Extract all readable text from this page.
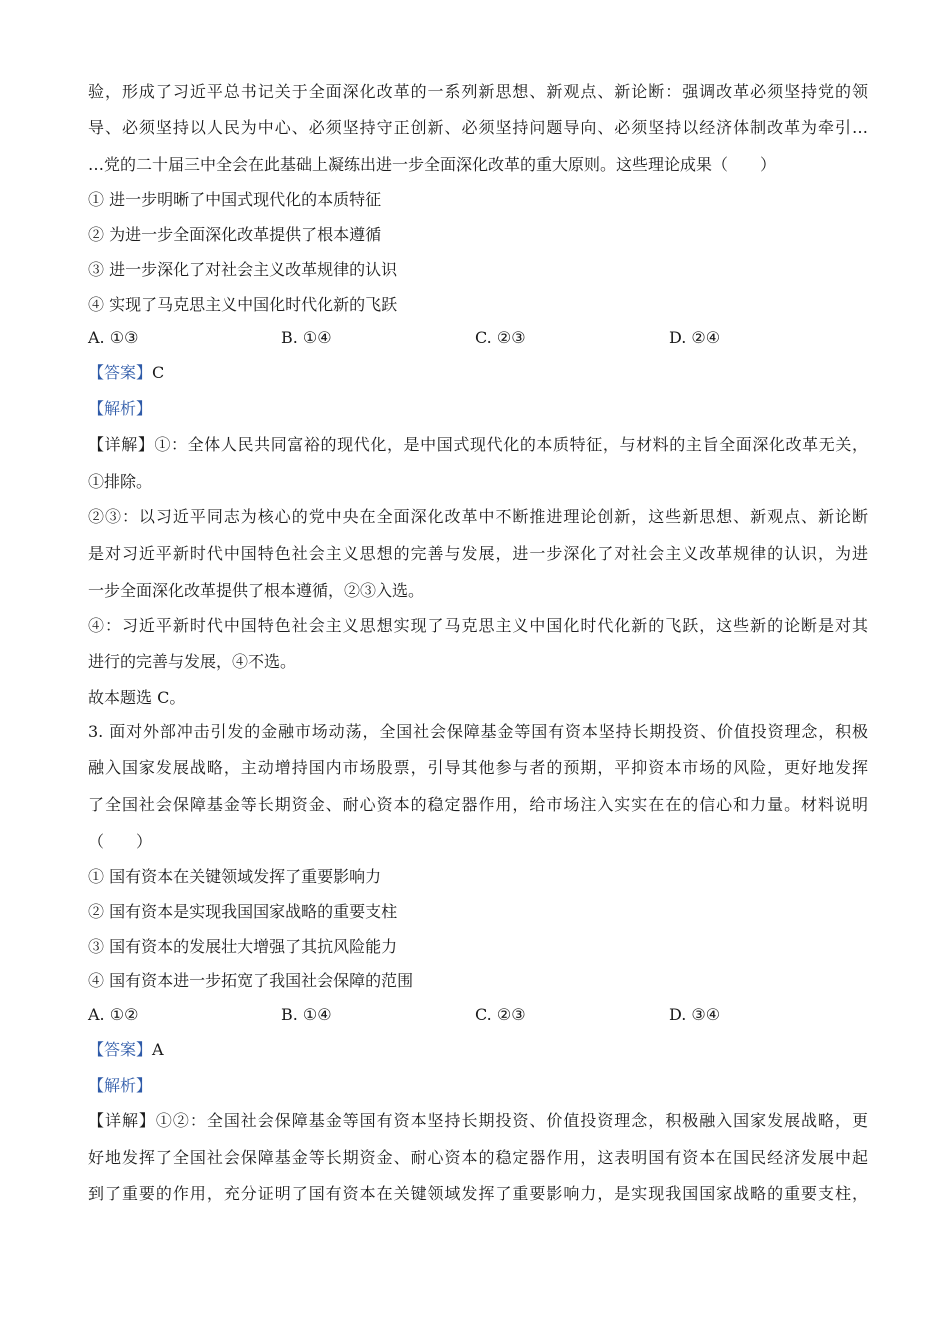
验，形成了习近平总书记关于全面深化改革的一系列新思想、新观点、新论断：强调改革必须坚持党的领
导、必须坚持以人民为中心、必须坚持守正创新、必须坚持问题导向、必须坚持以经济体制改革为牵引…
…党的二十届三中全会在此基础上凝练出进一步全面深化改革的重大原则。这些理论成果（　　）
① 进一步明晰了中国式现代化的本质特征
② 为进一步全面深化改革提供了根本遵循
③ 进一步深化了对社会主义改革规律的认识
④ 实现了马克思主义中国化时代化新的飞跃
A. ①③	B. ①④	C. ②③	D. ②④
【答案】C
【解析】
【详解】①：全体人民共同富裕的现代化，是中国式现代化的本质特征，与材料的主旨全面深化改革无关，
①排除。
②③：以习近平同志为核心的党中央在全面深化改革中不断推进理论创新，这些新思想、新观点、新论断
是对习近平新时代中国特色社会主义思想的完善与发展，进一步深化了对社会主义改革规律的认识，为进
一步全面深化改革提供了根本遵循，②③入选。
④：习近平新时代中国特色社会主义思想实现了马克思主义中国化时代化新的飞跃，这些新的论断是对其
进行的完善与发展，④不选。
故本题选 C。
3. 面对外部冲击引发的金融市场动荡，全国社会保障基金等国有资本坚持长期投资、价值投资理念，积极
融入国家发展战略，主动增持国内市场股票，引导其他参与者的预期，平抑资本市场的风险，更好地发挥
了全国社会保障基金等长期资金、耐心资本的稳定器作用，给市场注入实实在在的信心和力量。材料说明
（　　）
① 国有资本在关键领域发挥了重要影响力
② 国有资本是实现我国国家战略的重要支柱
③ 国有资本的发展壮大增强了其抗风险能力
④ 国有资本进一步拓宽了我国社会保障的范围
A. ①②	B. ①④	C. ②③	D. ③④
【答案】A
【解析】
【详解】①②：全国社会保障基金等国有资本坚持长期投资、价值投资理念，积极融入国家发展战略，更
好地发挥了全国社会保障基金等长期资金、耐心资本的稳定器作用，这表明国有资本在国民经济发展中起
到了重要的作用，充分证明了国有资本在关键领域发挥了重要影响力，是实现我国国家战略的重要支柱，
